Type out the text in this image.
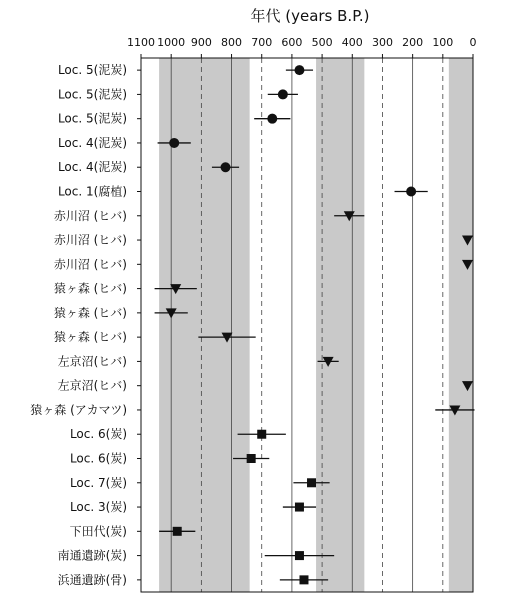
年代 (years B.P.)
1100 1000 900 800 700 600 500 400 300 200 100 0
Loc. 5(泥炭)
Loc. 5(泥炭)
Loc. 5(泥炭)
Loc. 4(泥炭)
Loc. 4(泥炭)
Loc. 1(腐植)
赤川沼 (ヒバ)
赤川沼 (ヒバ)
赤川沼 (ヒバ)
猿ヶ森 (ヒバ)
猿ヶ森 (ヒバ)
猿ヶ森 (ヒバ)
左京沼(ヒバ)
左京沼(ヒバ)
猿ヶ森 (アカマツ)
Loc. 6(炭)
Loc. 6(炭)
Loc. 7(炭)
Loc. 3(炭)
下田代(炭)
南通遺跡(炭)
浜通遺跡(骨)
